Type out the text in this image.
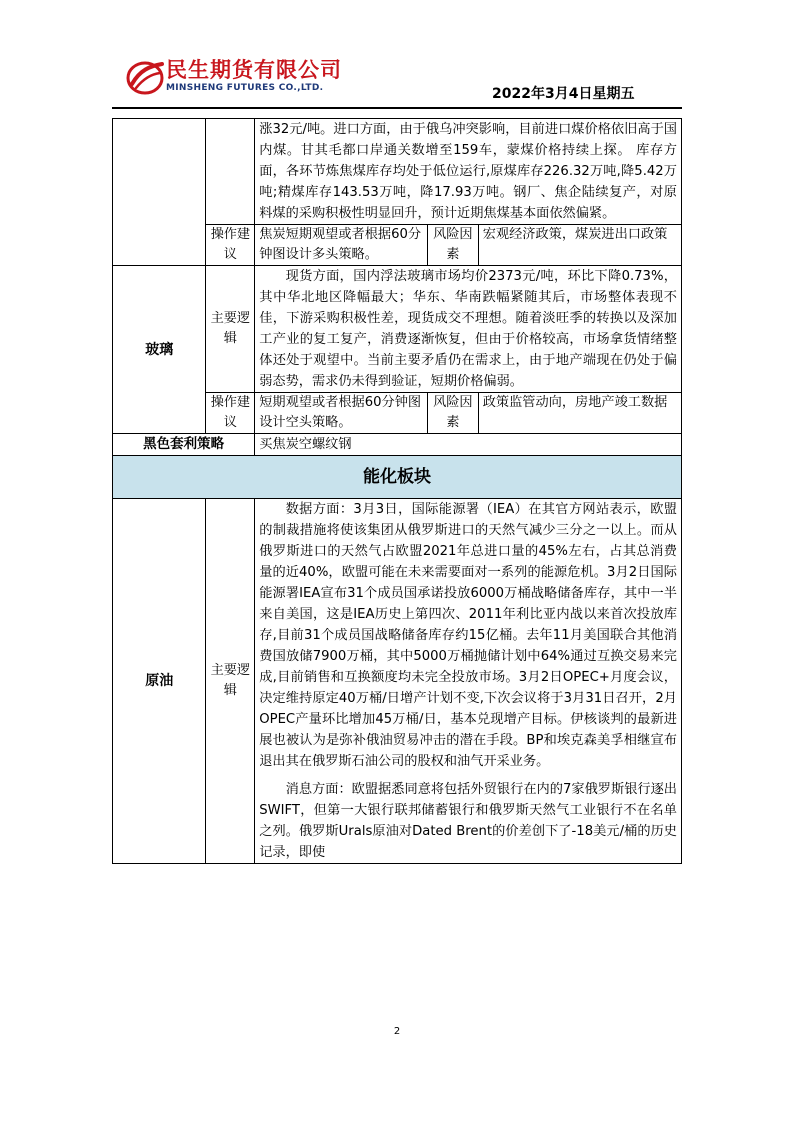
民生期货有限公司
MINSHENG FUTURES CO.,LTD.	2022年3月4日星期五

		涨32元/吨。进口方面，由于俄乌冲突影响，目前进口煤价格依旧高于国内煤。甘其毛都口岸通关数增至159车，蒙煤价格持续上探。 库存方面，各环节炼焦煤库存均处于低位运行,原煤库存226.32万吨,降5.42万吨;精煤库存143.53万吨，降17.93万吨。钢厂、焦企陆续复产，对原料煤的采购积极性明显回升，预计近期焦煤基本面依然偏紧。		

	操作建议	焦炭短期观望或者根据60分钟图设计多头策略。	风险因素	宏观经济政策，煤炭进出口政策
玻璃	主要逻辑	现货方面，国内浮法玻璃市场均价2373元/吨，环比下降0.73%，其中华北地区降幅最大；华东、华南跌幅紧随其后，市场整体表现不佳，下游采购积极性差，现货成交不理想。随着淡旺季的转换以及深加工产业的复工复产，消费逐渐恢复，但由于价格较高，市场拿货情绪整体还处于观望中。当前主要矛盾仍在需求上，由于地产端现在仍处于偏弱态势，需求仍未得到验证，短期价格偏弱。		

	操作建议	短期观望或者根据60分钟图设计空头策略。	风险因素	政策监管动向，房地产竣工数据
黑色套利策略		买焦炭空螺纹钢		
能化板块				
原油	主要逻辑	数据方面：3月3日，国际能源署（IEA）在其官方网站表示，欧盟的制裁措施将使该集团从俄罗斯进口的天然气减少三分之一以上。而从俄罗斯进口的天然气占欧盟2021年总进口量的45%左右，占其总消费量的近40%，欧盟可能在未来需要面对一系列的能源危机。3月2日国际能源署IEA宣布31个成员国承诺投放6000万桶战略储备库存，其中一半来自美国，这是IEA历史上第四次、2011年利比亚内战以来首次投放库存,目前31个成员国战略储备库存约15亿桶。去年11月美国联合其他消费国放储7900万桶，其中5000万桶抛储计划中64%通过互换交易来完成,目前销售和互换额度均未完全投放市场。3月2日OPEC+月度会议，决定维持原定40万桶/日增产计划不变,下次会议将于3月31日召开，2月OPEC产量环比增加45万桶/日，基本兑现增产目标。伊核谈判的最新进展也被认为是弥补俄油贸易冲击的潜在手段。BP和埃克森美孚相继宣布退出其在俄罗斯石油公司的股权和油气开采业务。

消息方面：欧盟据悉同意将包括外贸银行在内的7家俄罗斯银行逐出SWIFT，但第一大银行联邦储蓄银行和俄罗斯天然气工业银行不在名单之列。俄罗斯Urals原油对Dated Brent的价差创下了-18美元/桶的历史记录，即使		

2
